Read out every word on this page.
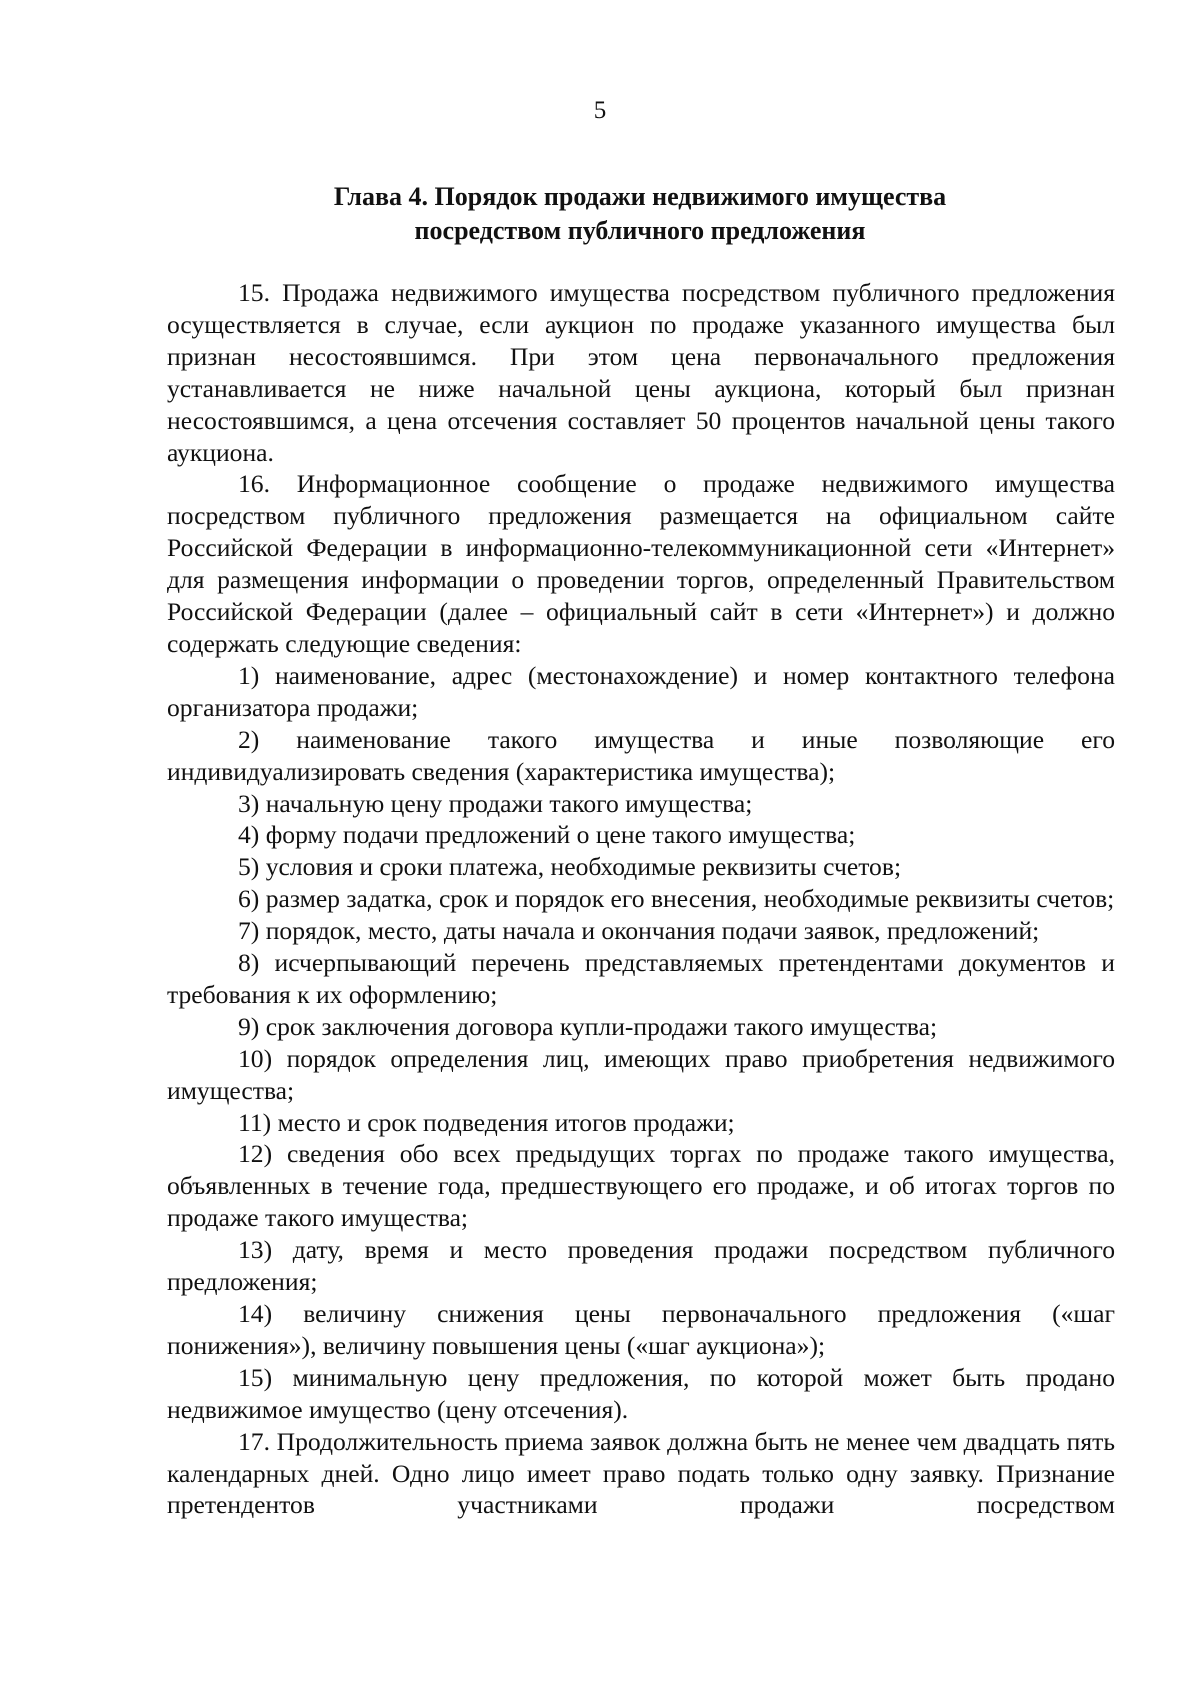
5
Глава 4. Порядок продажи недвижимого имущества
посредством публичного предложения

15. Продажа недвижимого имущества посредством публичного предложения осуществляется в случае, если аукцион по продаже указанного имущества был признан несостоявшимся. При этом цена первоначального предложения устанавливается не ниже начальной цены аукциона, который был признан несостоявшимся, а цена отсечения составляет 50 процентов начальной цены такого аукциона.

16. Информационное сообщение о продаже недвижимого имущества посредством публичного предложения размещается на официальном сайте Российской Федерации в информационно-телекоммуникационной сети «Интернет» для размещения информации о проведении торгов, определенный Правительством Российской Федерации (далее – официальный сайт в сети «Интернет») и должно содержать следующие сведения:

1) наименование, адрес (местонахождение) и номер контактного телефона организатора продажи;

2) наименование такого имущества и иные позволяющие его индивидуализировать сведения (характеристика имущества);

3) начальную цену продажи такого имущества;

4) форму подачи предложений о цене такого имущества;

5) условия и сроки платежа, необходимые реквизиты счетов;

6) размер задатка, срок и порядок его внесения, необходимые реквизиты счетов;

7) порядок, место, даты начала и окончания подачи заявок, предложений;

8) исчерпывающий перечень представляемых претендентами документов и требования к их оформлению;

9) срок заключения договора купли-продажи такого имущества;

10) порядок определения лиц, имеющих право приобретения недвижимого имущества;

11) место и срок подведения итогов продажи;

12) сведения обо всех предыдущих торгах по продаже такого имущества, объявленных в течение года, предшествующего его продаже, и об итогах торгов по продаже такого имущества;

13) дату, время и место проведения продажи посредством публичного предложения;

14) величину снижения цены первоначального предложения («шаг понижения»), величину повышения цены («шаг аукциона»);

15) минимальную цену предложения, по которой может быть продано недвижимое имущество (цену отсечения).

17. Продолжительность приема заявок должна быть не менее чем двадцать пять календарных дней. Одно лицо имеет право подать только одну заявку. Признание претендентов участниками продажи посредством
